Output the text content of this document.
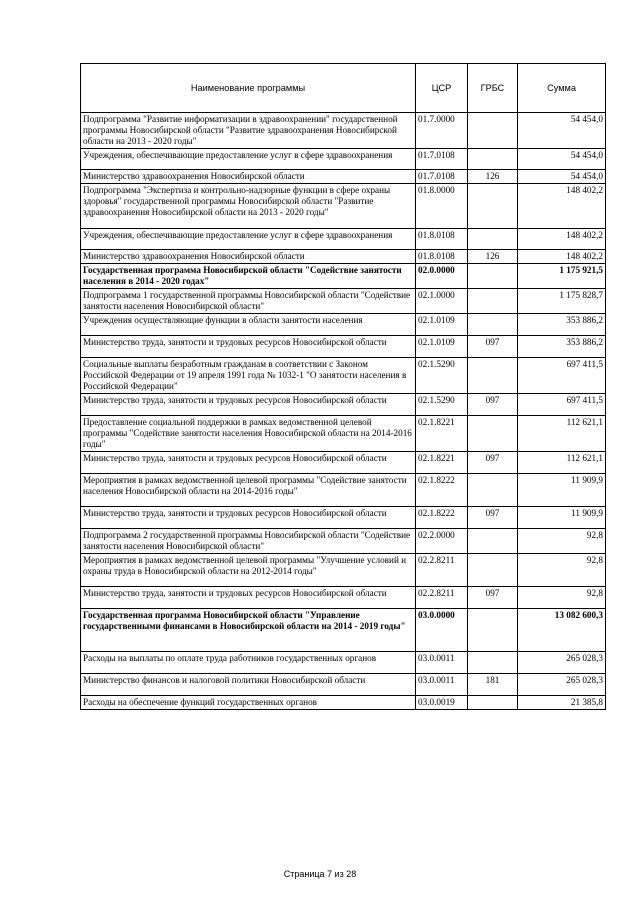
Наименование программы	ЦСР	ГРБС	Сумма
Подпрограмма "Развитие информатизации в здравоохранении" государственной программы Новосибирской области "Развитие здравоохранения Новосибирской области на 2013 - 2020 годы"	01.7.0000		54 454,0
Учреждения, обеспечивающие предоставление услуг в сфере здравоохранения	01.7.0108		54 454,0
Министерство здравоохранения Новосибирской области	01.7.0108	126	54 454,0
Подпрограмма "Экспертиза и контрольно-надзорные функции в сфере охраны здоровья" государственной программы Новосибирской области "Развитие здравоохранения Новосибирской области на 2013 - 2020 годы"	01.8.0000		148 402,2
Учреждения, обеспечивающие предоставление услуг в сфере здравоохранения	01.8.0108		148 402,2
Министерство здравоохранения Новосибирской области	01.8.0108	126	148 402,2
Государственная программа Новосибирской области "Содействие занятости населения в 2014 - 2020 годах"	02.0.0000		1 175 921,5
Подпрограмма 1 государственной программы Новосибирской области "Содействие занятости населения Новосибирской области"	02.1.0000		1 175 828,7
Учреждения осуществляющие функции в области занятости населения	02.1.0109		353 886,2
Министерство труда, занятости и трудовых ресурсов Новосибирской области	02.1.0109	097	353 886,2
Социальные выплаты безработным гражданам в соответствии с Законом Российской Федерации от 19 апреля 1991 года № 1032-1 "О занятости населения в Российской Федерации"	02.1.5290		697 411,5
Министерство труда, занятости и трудовых ресурсов Новосибирской области	02.1.5290	097	697 411,5
Предоставление социальной поддержки в рамках ведомственной целевой программы "Содействие занятости населения Новосибирской области на 2014-2016 годы"	02.1.8221		112 621,1
Министерство труда, занятости и трудовых ресурсов Новосибирской области	02.1.8221	097	112 621,1
Мероприятия в рамках ведомственной целевой программы "Содействие занятости населения Новосибирской области на 2014-2016 годы"	02.1.8222		11 909,9
Министерство труда, занятости и трудовых ресурсов Новосибирской области	02.1.8222	097	11 909,9
Подпрограмма 2 государственной программы Новосибирской области "Содействие занятости населения Новосибирской области"	02.2.0000		92,8
Мероприятия в рамках ведомственной целевой программы "Улучшение условий и охраны труда в Новосибирской области на 2012-2014 годы"	02.2.8211		92,8
Министерство труда, занятости и трудовых ресурсов Новосибирской области	02.2.8211	097	92,8
Государственная программа Новосибирской области "Управление государственными финансами в Новосибирской области на 2014 - 2019 годы"	03.0.0000		13 082 600,3
Расходы на выплаты по оплате труда работников государственных органов	03.0.0011		265 028,3
Министерство финансов и налоговой политики Новосибирской области	03.0.0011	181	265 028,3
Расходы на обеспечение функций государственных органов	03.0.0019		21 385,8
Страница 7 из 28
